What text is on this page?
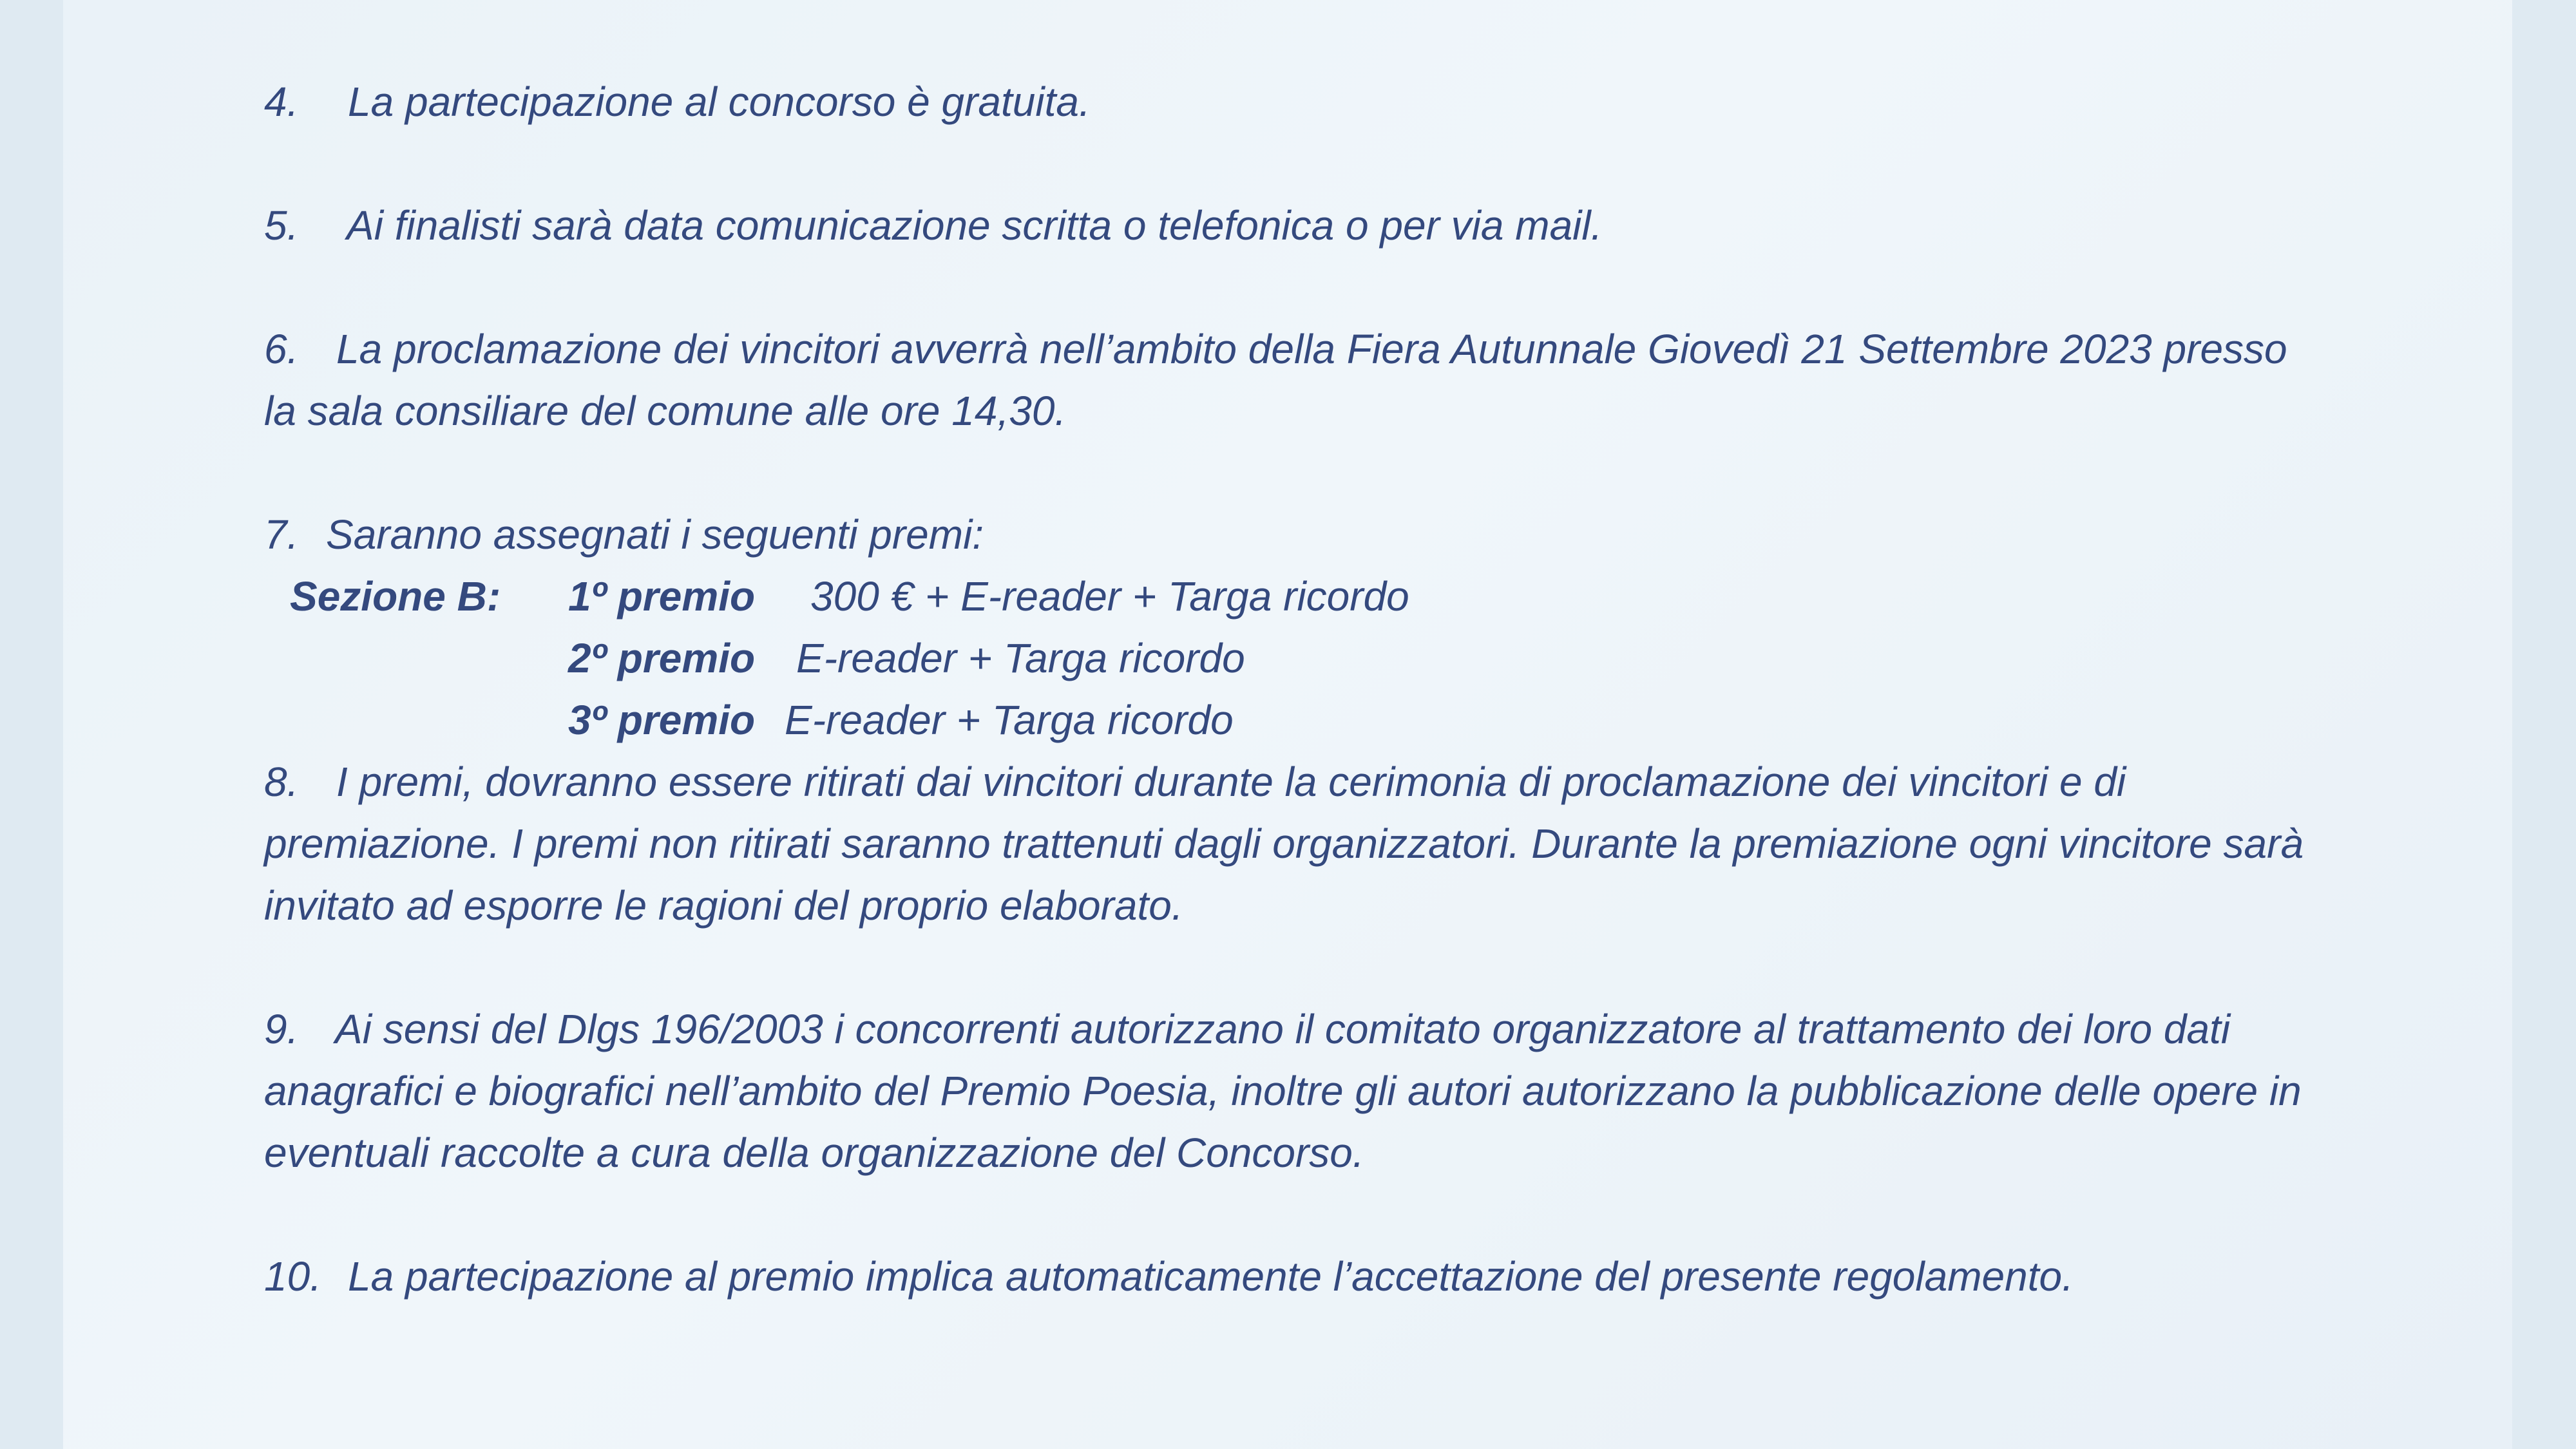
4. La partecipazione al concorso è gratuita.
5. Ai finalisti sarà data comunicazione scritta o telefonica o per via mail.
6. La proclamazione dei vincitori avverrà nell’ambito della Fiera Autunnale Giovedì 21 Settembre 2023 presso
la sala consiliare del comune alle ore 14,30.
7. Saranno assegnati i seguenti premi:
Sezione B: 1º premio 300 € + E-reader + Targa ricordo
2º premio E-reader + Targa ricordo
3º premio E-reader + Targa ricordo
8. I premi, dovranno essere ritirati dai vincitori durante la cerimonia di proclamazione dei vincitori e di
premiazione. I premi non ritirati saranno trattenuti dagli organizzatori. Durante la premiazione ogni vincitore sarà
invitato ad esporre le ragioni del proprio elaborato.
9. Ai sensi del Dlgs 196/2003 i concorrenti autorizzano il comitato organizzatore al trattamento dei loro dati
anagrafici e biografici nell’ambito del Premio Poesia, inoltre gli autori autorizzano la pubblicazione delle opere in
eventuali raccolte a cura della organizzazione del Concorso.
10. La partecipazione al premio implica automaticamente l’accettazione del presente regolamento.
